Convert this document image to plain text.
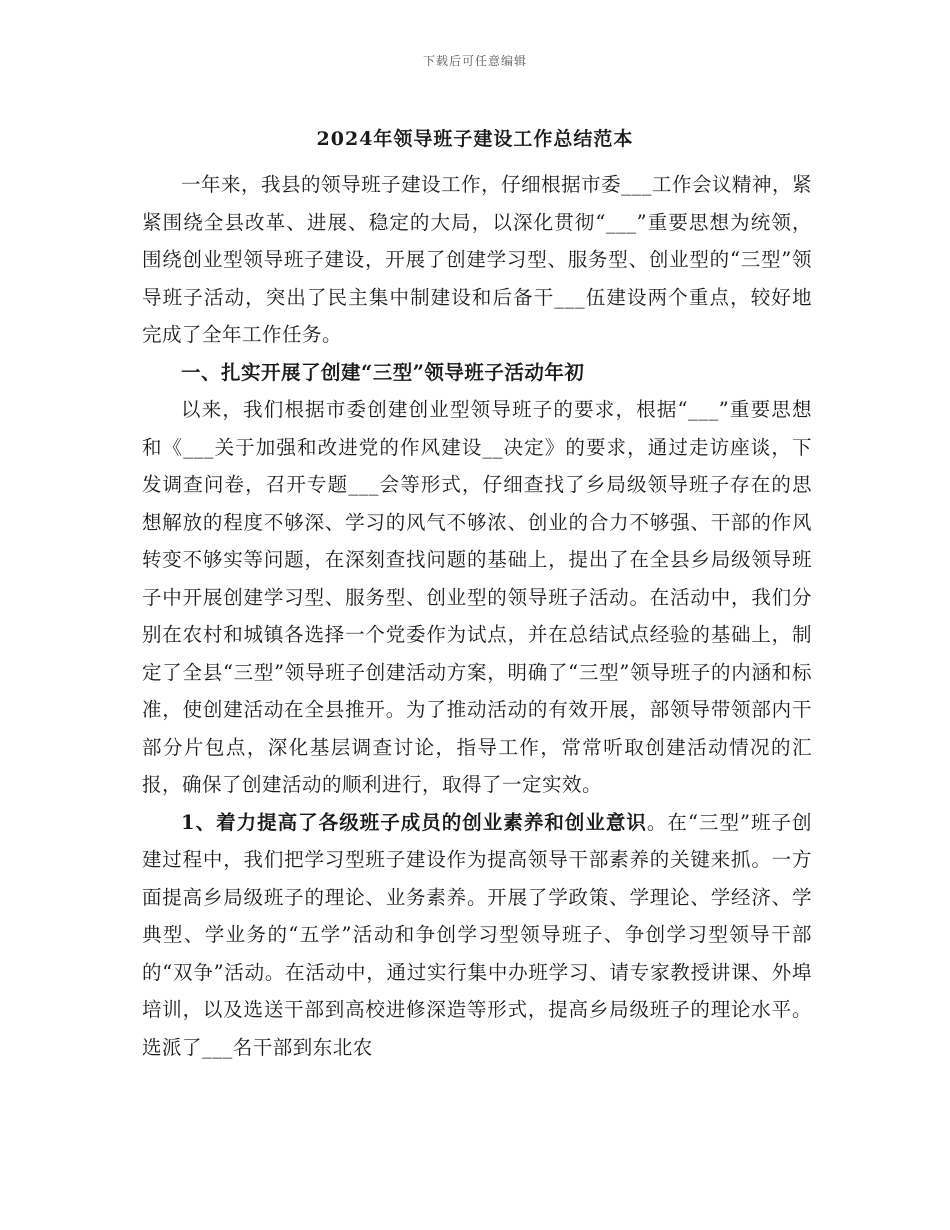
下载后可任意编辑
2024年领导班子建设工作总结范本

一年来，我县的领导班子建设工作，仔细根据市委___工作会议精神，紧紧围绕全县改革、进展、稳定的大局，以深化贯彻“___”重要思想为统领，围绕创业型领导班子建设，开展了创建学习型、服务型、创业型的“三型”领导班子活动，突出了民主集中制建设和后备干___伍建设两个重点，较好地完成了全年工作任务。

一、扎实开展了创建“三型”领导班子活动年初

以来，我们根据市委创建创业型领导班子的要求，根据“___”重要思想和《___关于加强和改进党的作风建设__决定》的要求，通过走访座谈，下发调查问卷，召开专题___会等形式，仔细查找了乡局级领导班子存在的思想解放的程度不够深、学习的风气不够浓、创业的合力不够强、干部的作风转变不够实等问题，在深刻查找问题的基础上，提出了在全县乡局级领导班子中开展创建学习型、服务型、创业型的领导班子活动。在活动中，我们分别在农村和城镇各选择一个党委作为试点，并在总结试点经验的基础上，制定了全县“三型”领导班子创建活动方案，明确了“三型”领导班子的内涵和标准，使创建活动在全县推开。为了推动活动的有效开展，部领导带领部内干部分片包点，深化基层调查讨论，指导工作，常常听取创建活动情况的汇报，确保了创建活动的顺利进行，取得了一定实效。

1、着力提高了各级班子成员的创业素养和创业意识。在“三型”班子创建过程中，我们把学习型班子建设作为提高领导干部素养的关键来抓。一方面提高乡局级班子的理论、业务素养。开展了学政策、学理论、学经济、学典型、学业务的“五学”活动和争创学习型领导班子、争创学习型领导干部的“双争”活动。在活动中，通过实行集中办班学习、请专家教授讲课、外埠培训，以及选送干部到高校进修深造等形式，提高乡局级班子的理论水平。选派了___名干部到东北农
